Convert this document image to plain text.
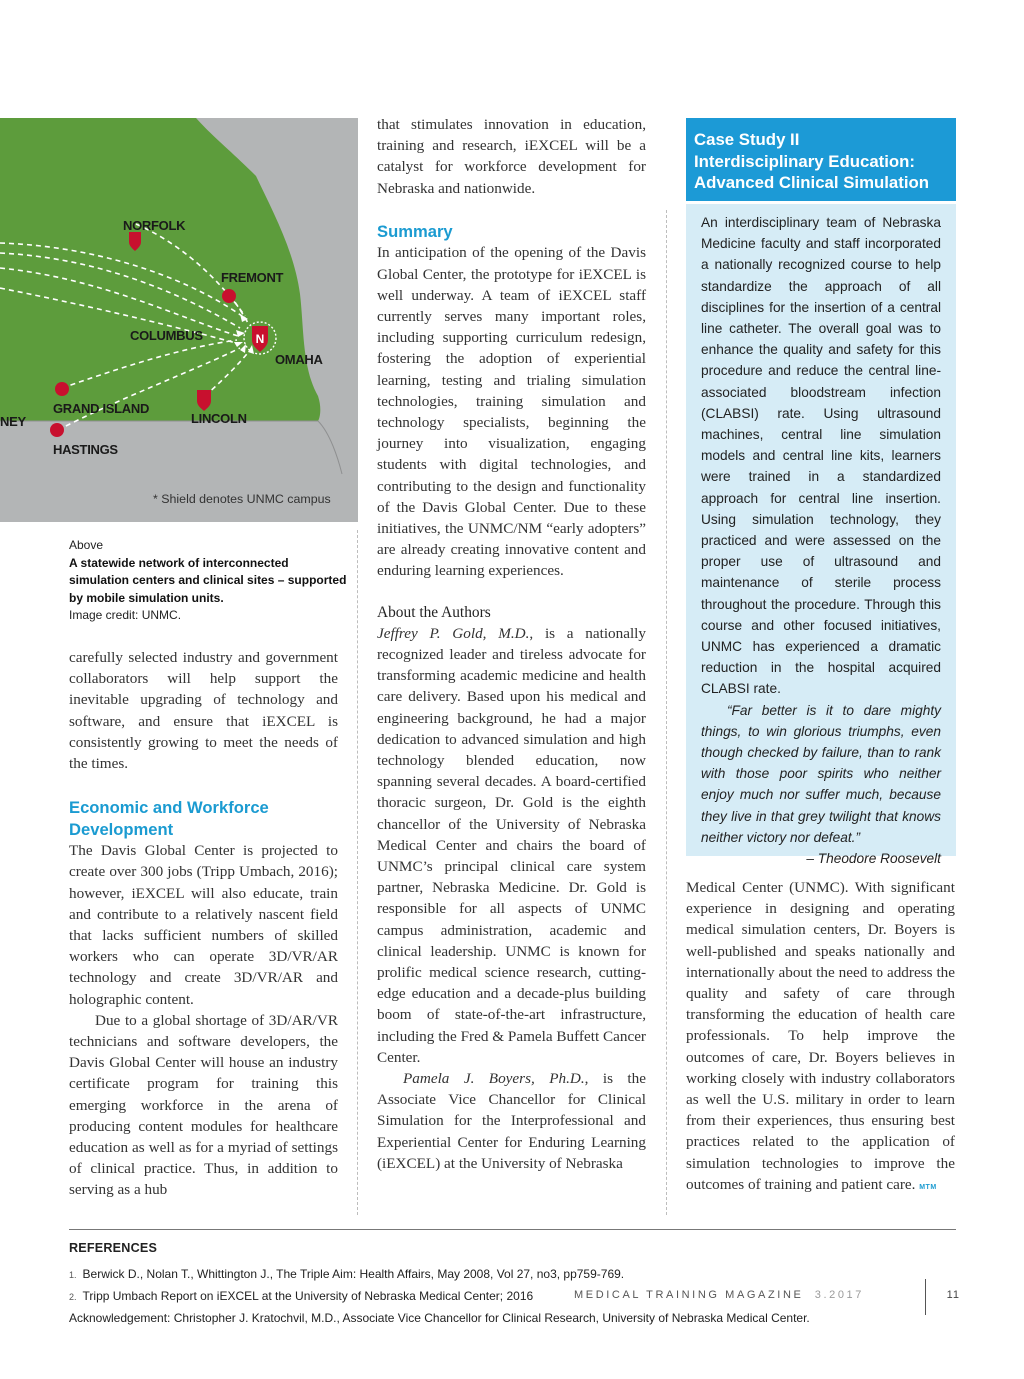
N
NORFOLK
FREMONT
COLUMBUS
OMAHA
GRAND ISLAND
LINCOLN
NEY
HASTINGS
* Shield denotes UNMC campus
Above
A statewide network of interconnected simulation centers and clinical sites – supported by mobile simulation units.
Image credit: UNMC.

carefully selected industry and government collaborators will help support the inevitable upgrading of technology and software, and ensure that iEXCEL is consistently growing to meet the needs of the times.

Economic and Workforce Development

The Davis Global Center is projected to create over 300 jobs (Tripp Umbach, 2016); however, iEXCEL will also educate, train and contribute to a relatively nascent field that lacks sufficient numbers of skilled workers who can operate 3D/VR/AR technology and create 3D/VR/AR and holographic content.

Due to a global shortage of 3D/AR/VR technicians and software developers, the Davis Global Center will house an industry certificate program for training this emerging workforce in the arena of producing content modules for healthcare education as well as for a myriad of settings of clinical practice. Thus, in addition to serving as a hub

that stimulates innovation in education, training and research, iEXCEL will be a catalyst for workforce development for Nebraska and nationwide.

Summary

In anticipation of the opening of the Davis Global Center, the prototype for iEXCEL is well underway. A team of iEXCEL staff currently serves many important roles, including supporting curriculum redesign, fostering the adoption of experiential learning, testing and trialing simulation technologies, training simulation and technology specialists, beginning the journey into visualization, engaging students with digital technologies, and contributing to the design and functionality of the Davis Global Center. Due to these initiatives, the UNMC/NM “early adopters” are already creating innovative content and enduring learning experiences.

About the Authors

Jeffrey P. Gold, M.D., is a nationally recognized leader and tireless advocate for transforming academic medicine and health care delivery. Based upon his medical and engineering background, he had a major dedication to advanced simulation and high technology blended education, now spanning several decades. A board-certified thoracic surgeon, Dr. Gold is the eighth chancellor of the University of Nebraska Medical Center and chairs the board of UNMC’s principal clinical care system partner, Nebraska Medicine. Dr. Gold is responsible for all aspects of UNMC campus administration, academic and clinical leadership. UNMC is known for prolific medical science research, cutting-edge education and a decade-plus building boom of state-of-the-art infrastructure, including the Fred & Pamela Buffett Cancer Center.

Pamela J. Boyers, Ph.D., is the Associate Vice Chancellor for Clinical Simulation for the Interprofessional and Experiential Center for Enduring Learning (iEXCEL) at the University of Nebraska

Case Study II
Interdisciplinary Education:
Advanced Clinical Simulation

An interdisciplinary team of Nebraska Medicine faculty and staff incorporated a nationally recognized course to help standardize the approach of all disciplines for the insertion of a central line catheter. The overall goal was to enhance the quality and safety for this procedure and reduce the central line-associated bloodstream infection (CLABSI) rate. Using ultrasound machines, central line simulation models and central line kits, learners were trained in a standardized approach for central line insertion. Using simulation technology, they practiced and were assessed on the proper use of ultrasound and maintenance of sterile process throughout the procedure. Through this course and other focused initiatives, UNMC has experienced a dramatic reduction in the hospital acquired CLABSI rate.

“Far better is it to dare mighty things, to win glorious triumphs, even though checked by failure, than to rank with those poor spirits who neither enjoy much nor suffer much, because they live in that grey twilight that knows neither victory nor defeat.”

– Theodore Roosevelt

Medical Center (UNMC). With significant experience in designing and operating medical simulation centers, Dr. Boyers is well-published and speaks nationally and internationally about the need to address the quality and safety of care through transforming the education of health care professionals. To help improve the outcomes of care, Dr. Boyers believes in working closely with industry collaborators as well the U.S. military in order to learn from their experiences, thus ensuring best practices related to the application of simulation technologies to improve the outcomes of training and patient care. MTM

REFERENCES
1. Berwick D., Nolan T., Whittington J., The Triple Aim: Health Affairs, May 2008, Vol 27, no3, pp759-769.
2. Tripp Umbach Report on iEXCEL at the University of Nebraska Medical Center; 2016
Acknowledgement: Christopher J. Kratochvil, M.D., Associate Vice Chancellor for Clinical Research, University of Nebraska Medical Center.
MEDICAL TRAINING MAGAZINE 3.2017	11
